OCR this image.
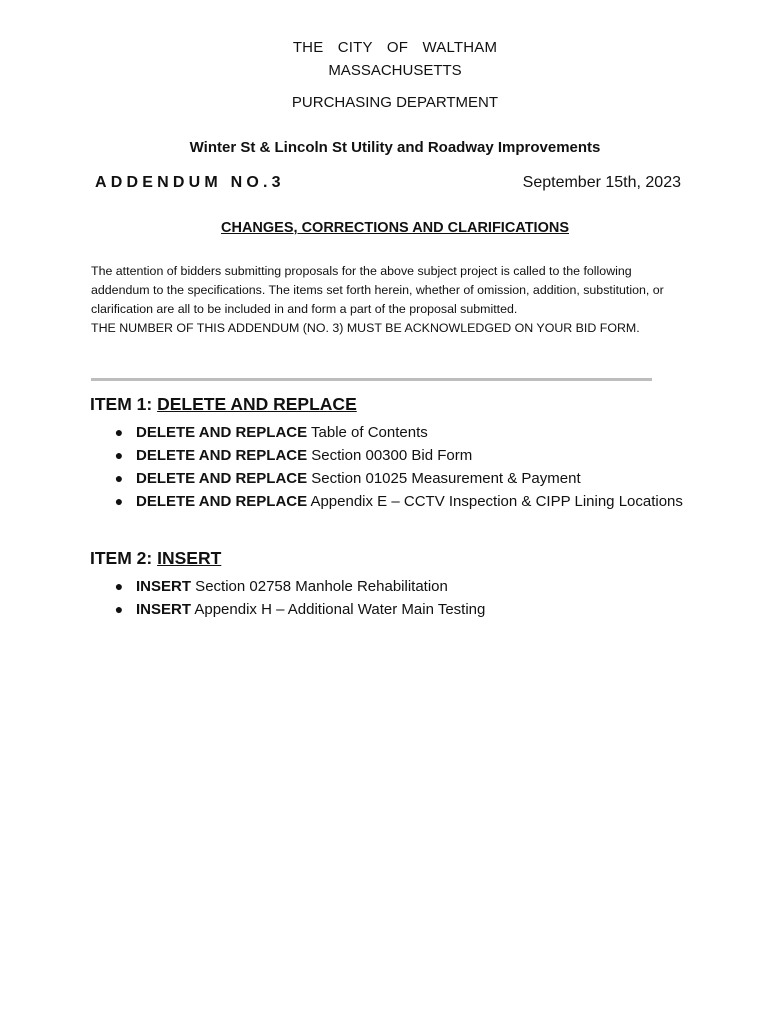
THE CITY OF WALTHAM
MASSACHUSETTS
PURCHASING DEPARTMENT
Winter St & Lincoln St Utility and Roadway Improvements
ADDENDUM NO.3	September 15th, 2023
CHANGES, CORRECTIONS AND CLARIFICATIONS

The attention of bidders submitting proposals for the above subject project is called to the following addendum to the specifications. The items set forth herein, whether of omission, addition, substitution, or clarification are all to be included in and form a part of the proposal submitted.

THE NUMBER OF THIS ADDENDUM (NO. 3) MUST BE ACKNOWLEDGED ON YOUR BID FORM.

ITEM 1: DELETE AND REPLACE
● DELETE AND REPLACE Table of Contents
● DELETE AND REPLACE Section 00300 Bid Form
● DELETE AND REPLACE Section 01025 Measurement & Payment
● DELETE AND REPLACE Appendix E – CCTV Inspection & CIPP Lining Locations
ITEM 2: INSERT
● INSERT Section 02758 Manhole Rehabilitation
● INSERT Appendix H – Additional Water Main Testing
